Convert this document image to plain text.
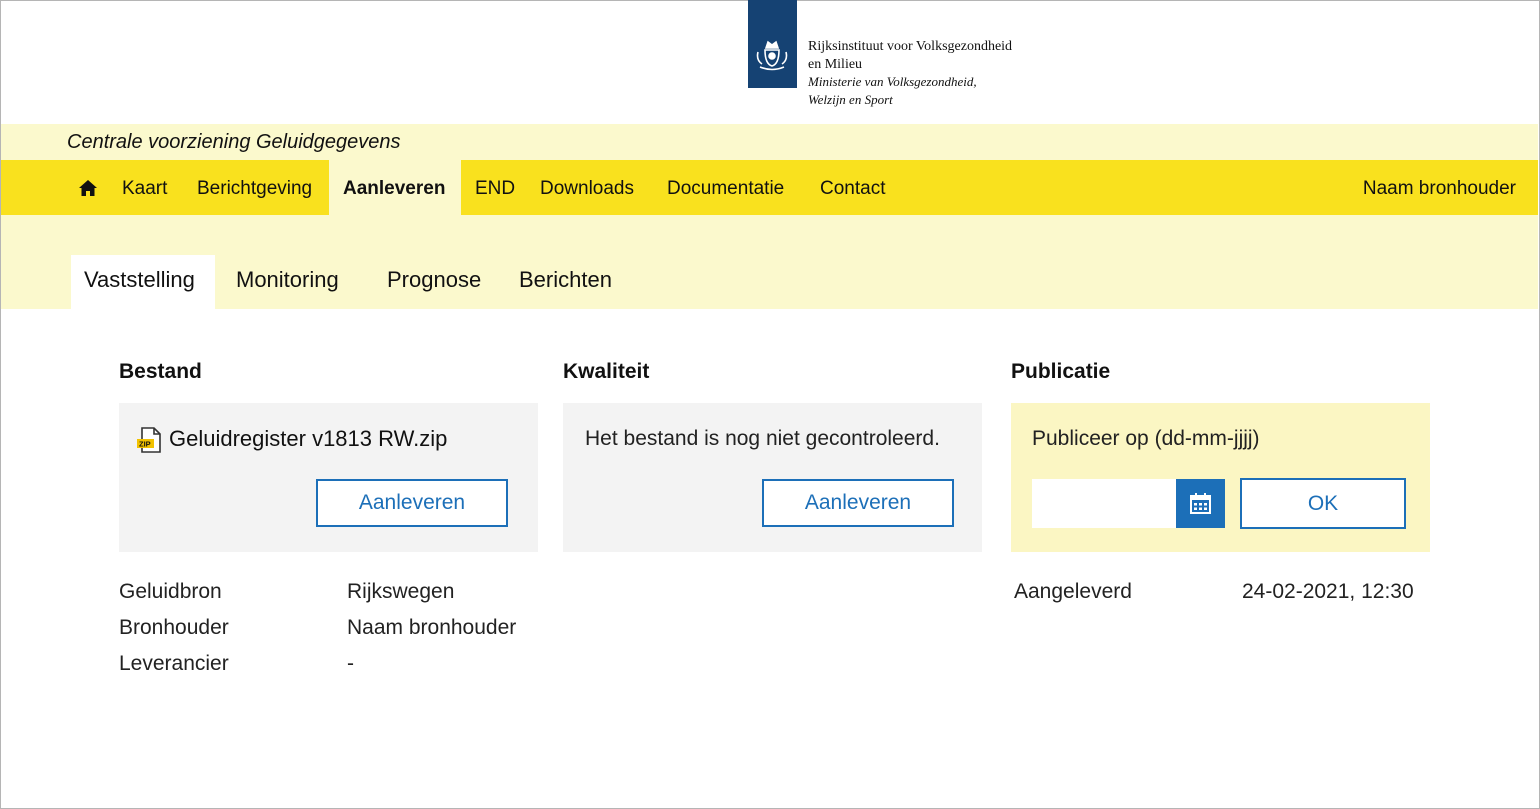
Rijksinstituut voor Volksgezondheid
en Milieu
Ministerie van Volksgezondheid,
Welzijn en Sport
Centrale voorziening Geluidgegevens
Kaart	Berichtgeving	Aanleveren	END	Downloads	Documentatie	Contact	Naam bronhouder
Vaststelling	Monitoring Prognose Berichten
Bestand
ZIP Geluidregister v1813 RW.zip
Aanleveren
Kwaliteit
Het bestand is nog niet gecontroleerd.
Aanleveren
Publicatie
Publiceer op (dd-mm-jjjj)
OK
Geluidbron	Rijkswegen
Bronhouder	Naam bronhouder
Leverancier	-
Aangeleverd	24-02-2021, 12:30
